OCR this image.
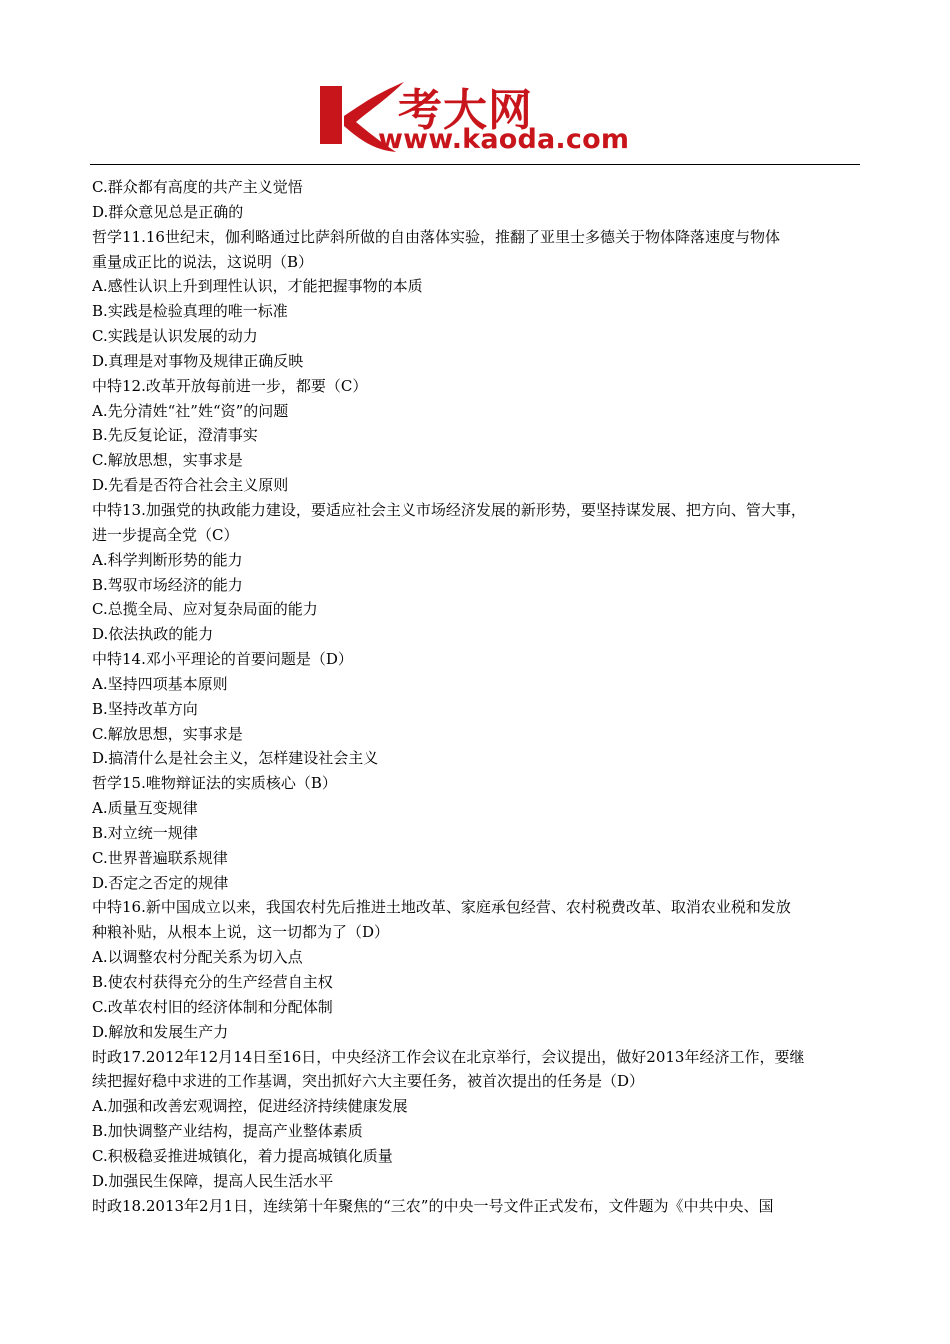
考大网
www.kaoda.com
C.群众都有高度的共产主义觉悟
D.群众意见总是正确的
哲学11.16世纪末，伽利略通过比萨斜所做的自由落体实验，推翻了亚里士多德关于物体降落速度与物体
重量成正比的说法，这说明（B）
A.感性认识上升到理性认识，才能把握事物的本质
B.实践是检验真理的唯一标准
C.实践是认识发展的动力
D.真理是对事物及规律正确反映
中特12.改革开放每前进一步，都要（C）
A.先分清姓“社”姓“资”的问题
B.先反复论证，澄清事实
C.解放思想，实事求是
D.先看是否符合社会主义原则
中特13.加强党的执政能力建设，要适应社会主义市场经济发展的新形势，要坚持谋发展、把方向、管大事，
进一步提高全党（C）
A.科学判断形势的能力
B.驾驭市场经济的能力
C.总揽全局、应对复杂局面的能力
D.依法执政的能力
中特14.邓小平理论的首要问题是（D）
A.坚持四项基本原则
B.坚持改革方向
C.解放思想，实事求是
D.搞清什么是社会主义，怎样建设社会主义
哲学15.唯物辩证法的实质核心（B）
A.质量互变规律
B.对立统一规律
C.世界普遍联系规律
D.否定之否定的规律
中特16.新中国成立以来，我国农村先后推进土地改革、家庭承包经营、农村税费改革、取消农业税和发放
种粮补贴，从根本上说，这一切都为了（D）
A.以调整农村分配关系为切入点
B.使农村获得充分的生产经营自主权
C.改革农村旧的经济体制和分配体制
D.解放和发展生产力
时政17.2012年12月14日至16日，中央经济工作会议在北京举行，会议提出，做好2013年经济工作，要继
续把握好稳中求进的工作基调，突出抓好六大主要任务，被首次提出的任务是（D）
A.加强和改善宏观调控，促进经济持续健康发展
B.加快调整产业结构，提高产业整体素质
C.积极稳妥推进城镇化，着力提高城镇化质量
D.加强民生保障，提高人民生活水平
时政18.2013年2月1日，连续第十年聚焦的“三农”的中央一号文件正式发布，文件题为《中共中央、国
